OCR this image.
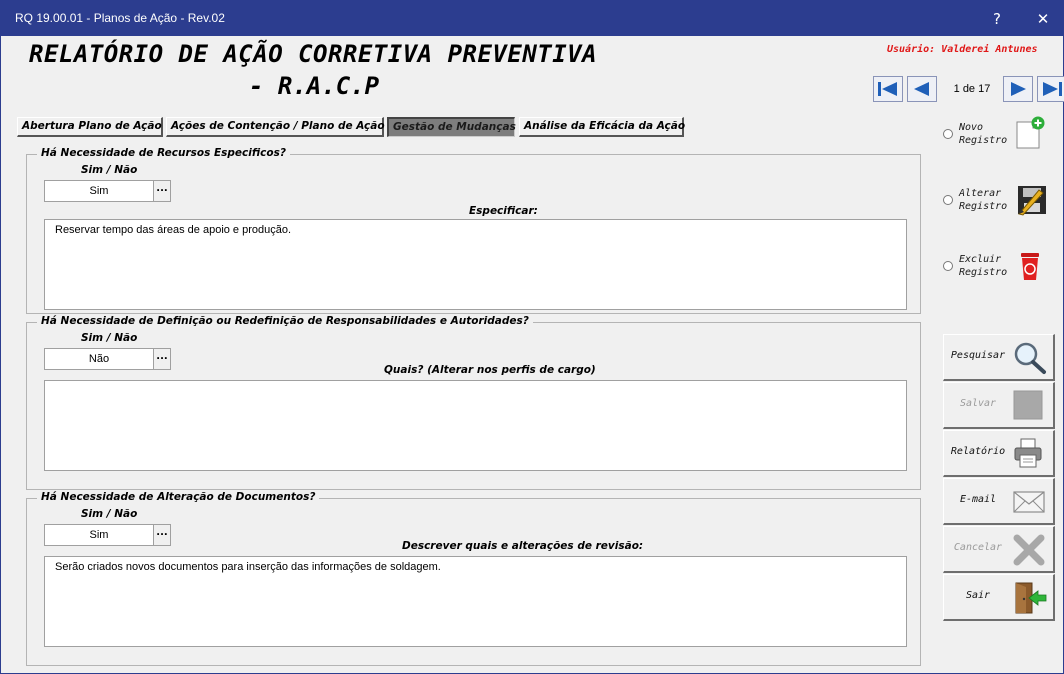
RQ 19.00.01 - Planos de Ação - Rev.02	?	✕
RELATÓRIO DE AÇÃO CORRETIVA PREVENTIVA
- R.A.C.P
Usuário: Valderei Antunes
1 de 17
Abertura Plano de Ação Ações de Contenção / Plano de Ação Gestão de Mudanças Análise da Eficácia da Ação
Há Necessidade de Recursos Especificos?
Sim / Não
Sim	...
Especificar:
Reservar tempo das áreas de apoio e produção.
Há Necessidade de Definição ou Redefinição de Responsabilidades e Autoridades?
Sim / Não
Não	...
Quais? (Alterar nos perfis de cargo)
Há Necessidade de Alteração de Documentos?
Sim / Não
Sim	...
Descrever quais e alterações de revisão:
Serão criados novos documentos para inserção das informações de soldagem.
Novo
Registro
Alterar
Registro
Excluir
Registro
Pesquisar
Salvar
Relatório
E-mail
Cancelar
Sair
